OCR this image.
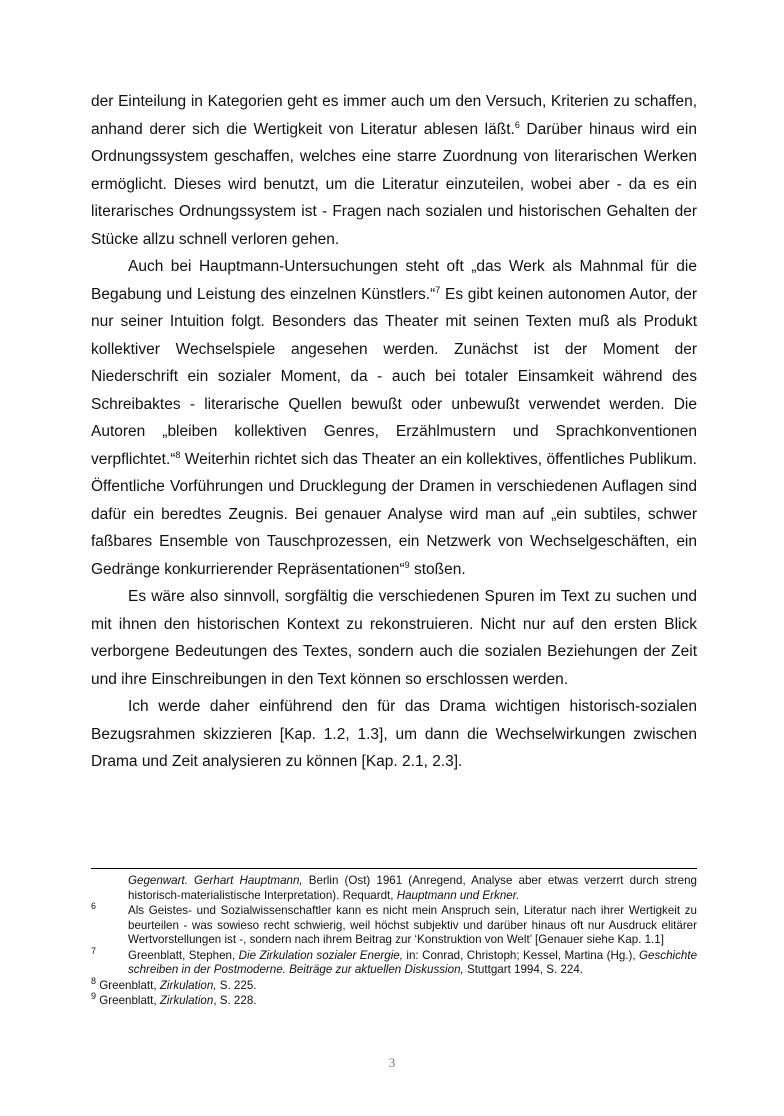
der Einteilung in Kategorien geht es immer auch um den Versuch, Kriterien zu schaffen, anhand derer sich die Wertigkeit von Literatur ablesen läßt.$^6$ Darüber hinaus wird ein Ordnungssystem geschaffen, welches eine starre Zuordnung von literarischen Werken ermöglicht. Dieses wird benutzt, um die Literatur einzuteilen, wobei aber - da es ein literarisches Ordnungssystem ist - Fragen nach sozialen und historischen Gehalten der Stücke allzu schnell verloren gehen.

Auch bei Hauptmann-Untersuchungen steht oft „das Werk als Mahnmal für die Begabung und Leistung des einzelnen Künstlers.“$^7$ Es gibt keinen autonomen Autor, der nur seiner Intuition folgt. Besonders das Theater mit seinen Texten muß als Produkt kollektiver Wechselspiele angesehen werden. Zunächst ist der Moment der Niederschrift ein sozialer Moment, da - auch bei totaler Einsamkeit während des Schreibaktes - literarische Quellen bewußt oder unbewußt verwendet werden. Die Autoren „bleiben kollektiven Genres, Erzählmustern und Sprachkonventionen verpflichtet.“$^8$ Weiterhin richtet sich das Theater an ein kollektives, öffentliches Publikum. Öffentliche Vorführungen und Drucklegung der Dramen in verschiedenen Auflagen sind dafür ein beredtes Zeugnis. Bei genauer Analyse wird man auf „ein subtiles, schwer faßbares Ensemble von Tauschprozessen, ein Netzwerk von Wechselgeschäften, ein Gedränge konkurrierender Repräsentationen“$^9$ stoßen.

Es wäre also sinnvoll, sorgfältig die verschiedenen Spuren im Text zu suchen und mit ihnen den historischen Kontext zu rekonstruieren. Nicht nur auf den ersten Blick verborgene Bedeutungen des Textes, sondern auch die sozialen Beziehungen der Zeit und ihre Einschreibungen in den Text können so erschlossen werden.

Ich werde daher einführend den für das Drama wichtigen historisch-sozialen Bezugsrahmen skizzieren [Kap. 1.2, 1.3], um dann die Wechselwirkungen zwischen Drama und Zeit analysieren zu können [Kap. 2.1, 2.3].

Gegenwart. Gerhart Hauptmann, Berlin (Ost) 1961 (Anregend, Analyse aber etwas verzerrt durch streng historisch-materialistische Interpretation). Requardt, Hauptmann und Erkner.
$^6$	Als Geistes- und Sozialwissenschaftler kann es nicht mein Anspruch sein, Literatur nach ihrer Wertigkeit zu beurteilen - was sowieso recht schwierig, weil höchst subjektiv und darüber hinaus oft nur Ausdruck elitärer Wertvorstellungen ist -, sondern nach ihrem Beitrag zur ‘Konstruktion von Welt’ [Genauer siehe Kap. 1.1]
$^7$	Greenblatt, Stephen, Die Zirkulation sozialer Energie, in: Conrad, Christoph; Kessel, Martina (Hg.), Geschichte schreiben in der Postmoderne. Beiträge zur aktuellen Diskussion, Stuttgart 1994, S. 224.
$^8$ Greenblatt, Zirkulation, S. 225.
$^9$ Greenblatt, Zirkulation, S. 228.
3
